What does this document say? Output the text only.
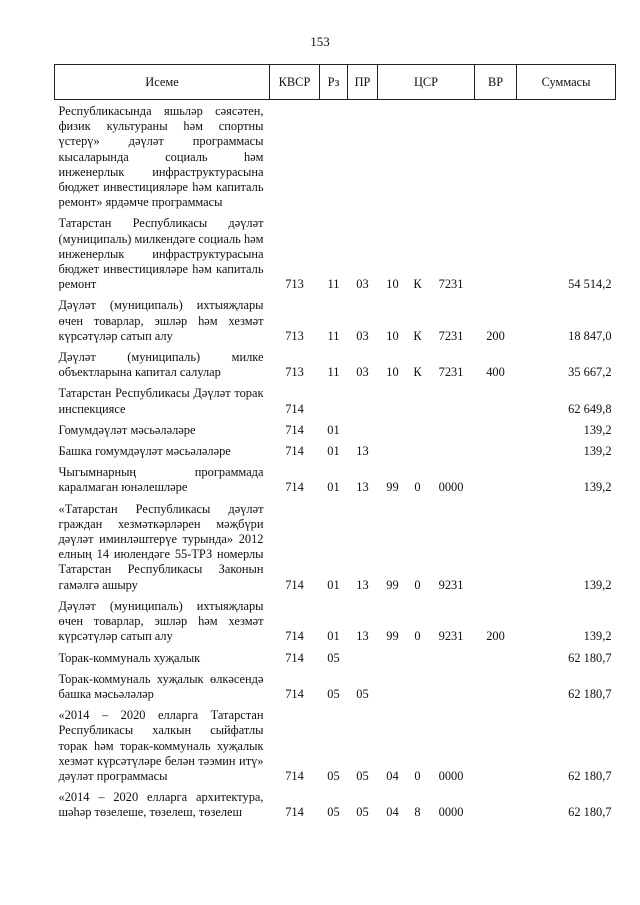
153
Исеме	КВСР	Рз	ПР	ЦСР			ВР	Суммасы
Республикасында яшьләр сәясәтен, физик культураны һәм спортны үстерү» дәүләт программасы кысаларында социаль һәм инженерлык инфраструктурасына бюджет инвестицияләре һәм капиталь ремонт» ярдәмче программасы								
Татарстан Республикасы дәүләт (муниципаль) милкендәге социаль һәм инженерлык инфраструктурасына бюджет инвестицияләре һәм капиталь ремонт	713	11	03	10	К	7231		54 514,2
Дәүләт (муниципаль) ихтыяҗлары өчен товарлар, эшләр һәм хезмәт күрсәтүләр сатып алу	713	11	03	10	К	7231	200	18 847,0
Дәүләт (муниципаль) милке объектларына капитал салулар	713	11	03	10	К	7231	400	35 667,2
Татарстан Республикасы Дәүләт торак инспекциясе	714							62 649,8
Гомумдәүләт мәсьәләләре	714	01						139,2
Башка гомумдәүләт мәсьәләләре	714	01	13					139,2
Чыгымнарның программада каралмаган юнәлешләре	714	01	13	99	0	0000		139,2
«Татарстан Республикасы дәүләт граждан хезмәткәрләрен мәҗбүри дәүләт иминләштерүе турында» 2012 елның 14 июлендәге 55-ТРЗ номерлы Татарстан Республикасы Законын гамәлгә ашыру	714	01	13	99	0	9231		139,2
Дәүләт (муниципаль) ихтыяҗлары өчен товарлар, эшләр һәм хезмәт күрсәтүләр сатып алу	714	01	13	99	0	9231	200	139,2
Торак-коммуналь хуҗалык	714	05						62 180,7
Торак-коммуналь хуҗалык өлкәсендә башка мәсьәләләр	714	05	05					62 180,7
«2014 – 2020 елларга Татарстан Республикасы халкын сыйфатлы торак һәм торак-коммуналь хуҗалык хезмәт күрсәтүләре белән тәэмин итү» дәүләт программасы	714	05	05	04	0	0000		62 180,7
«2014 – 2020 елларга архитектура, шәһәр төзелеше, төзелеш, төзелеш	714	05	05	04	8	0000		62 180,7
